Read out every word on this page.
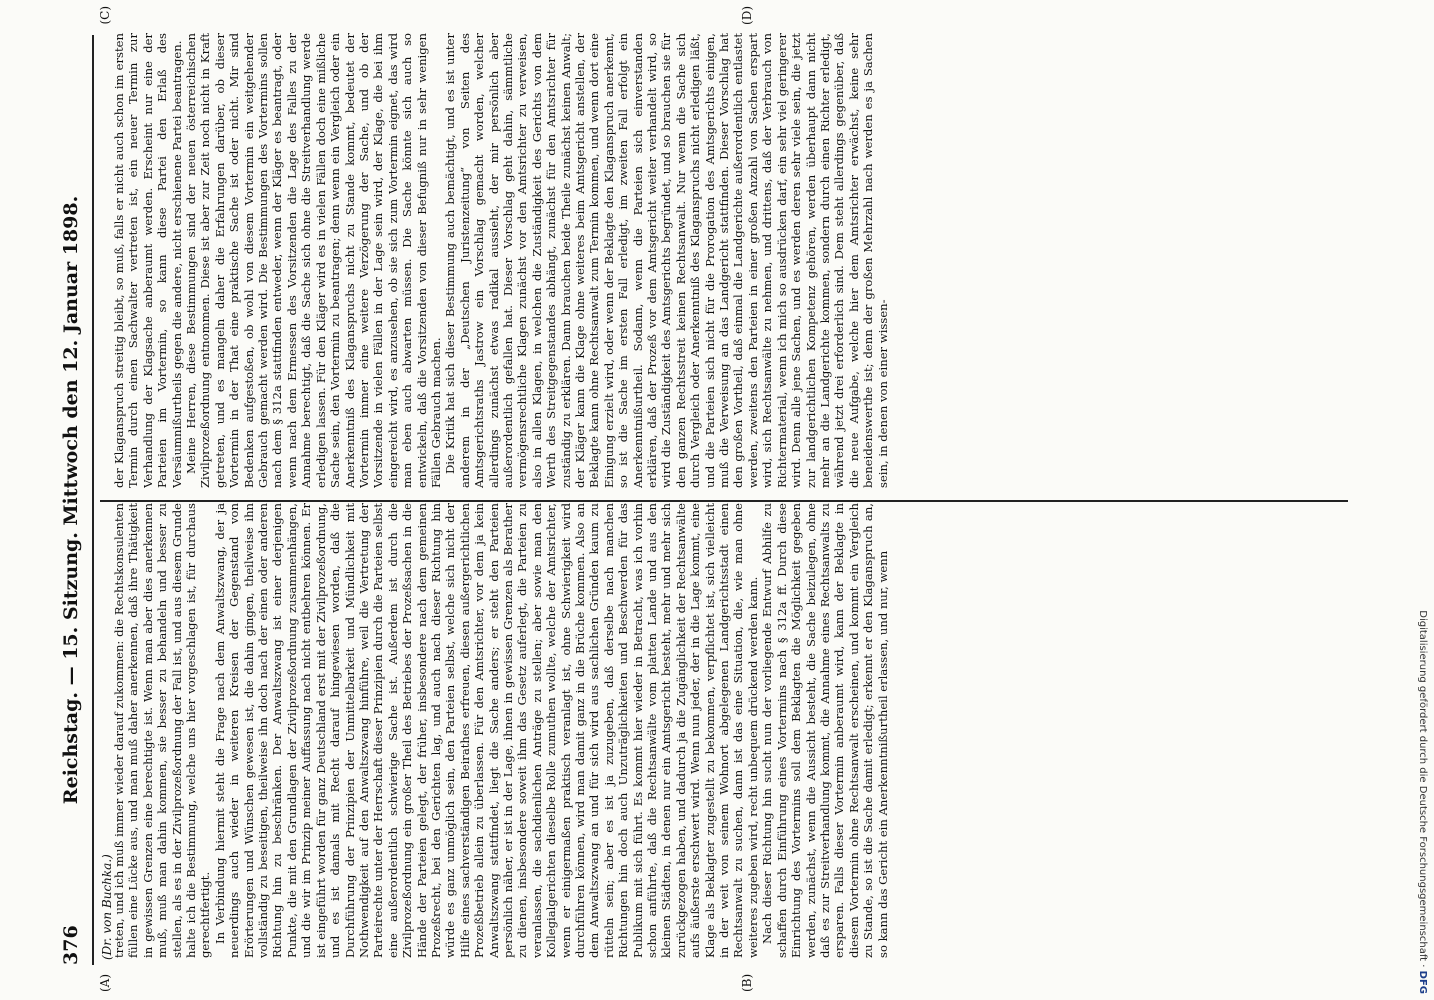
376
Reichstag. — 15. Sitzung. Mittwoch den 12. Januar 1898.
(Dr. von Buchka.)
(A)	(B)
(C)	(D)

treten, und ich muß immer wieder darauf zukommen: die Rechtskonsulenten füllen eine Lücke aus, und man muß daher anerkennen, daß ihre Thätigkeit in gewissen Grenzen eine berechtigte ist. Wenn man aber dies anerkennen muß, muß man dahin kommen, sie besser zu behandeln und besser zu stellen, als es in der Zivilprozeßordnung der Fall ist, und aus diesem Grunde halte ich die Bestimmung, welche uns hier vorgeschlagen ist, für durchaus gerechtfertigt. In Verbindung hiermit steht die Frage nach dem Anwaltszwang, der ja neuerdings auch wieder in weiteren Kreisen der Gegenstand von Erörterungen und Wünschen gewesen ist, die dahin gingen, theilweise ihn vollständig zu beseitigen, theilweise ihn doch nach der einen oder anderen Richtung hin zu beschränken. Der Anwaltszwang ist einer derjenigen Punkte, die mit den Grundlagen der Zivilprozeßordnung zusammenhängen, und die wir im Prinzip meiner Auffassung nach nicht entbehren können. Er ist eingeführt worden für ganz Deutschland erst mit der Zivilprozeßordnung, und es ist damals mit Recht darauf hingewiesen worden, daß die Durchführung der Prinzipien der Unmittelbarkeit und Mündlichkeit mit Nothwendigkeit auf den Anwaltszwang hinführe, weil die Vertretung der Parteirechte unter der Herrschaft dieser Prinzipien durch die Parteien selbst eine außerordentlich schwierige Sache ist. Außerdem ist durch die Zivilprozeßordnung ein großer Theil des Betriebes der Prozeßsachen in die Hände der Parteien gelegt, der früher, insbesondere nach dem gemeinen Prozeßrecht, bei den Gerichten lag, und auch nach dieser Richtung hin würde es ganz unmöglich sein, den Parteien selbst, welche sich nicht der Hilfe eines sachverständigen Beirathes erfreuen, diesen außergerichtlichen Prozeßbetrieb allein zu überlassen. Für den Amtsrichter, vor dem ja kein Anwaltszwang stattfindet, liegt die Sache anders; er steht den Parteien persönlich näher, er ist in der Lage, ihnen in gewissen Grenzen als Berather zu dienen, insbesondere soweit ihm das Gesetz auferlegt, die Parteien zu veranlassen, die sachdienlichen Anträge zu stellen; aber sowie man den Kollegialgerichten dieselbe Rolle zumuthen wollte, welche der Amtsrichter, wenn er einigermaßen praktisch veranlagt ist, ohne Schwierigkeit wird durchführen können, wird man damit ganz in die Brüche kommen. Also an dem Anwaltszwang an und für sich wird aus sachlichen Gründen kaum zu rütteln sein; aber es ist ja zuzugeben, daß derselbe nach manchen Richtungen hin doch auch Unzuträglichkeiten und Beschwerden für das Publikum mit sich führt. Es kommt hier wieder in Betracht, was ich vorhin schon anführte, daß die Rechtsanwälte vom platten Lande und aus den kleinen Städten, in denen nur ein Amtsgericht besteht, mehr und mehr sich zurückgezogen haben, und dadurch ja die Zugänglichkeit der Rechtsanwälte aufs äußerste erschwert wird. Wenn nun jeder, der in die Lage kommt, eine Klage als Beklagter zugestellt zu bekommen, verpflichtet ist, sich vielleicht in der weit von seinem Wohnort abgelegenen Landgerichtsstadt einen Rechtsanwalt zu suchen, dann ist das eine Situation, die, wie man ohne weiteres zugeben wird, recht unbequem drückend werden kann. Nach dieser Richtung hin sucht nun der vorliegende Entwurf Abhilfe zu schaffen durch Einführung eines Vortermins nach § 312a ff. Durch diese Einrichtung des Vortermins soll dem Beklagten die Möglichkeit gegeben werden, zunächst, wenn die Aussicht besteht, die Sache beizulegen, ohne daß es zur Streitverhandlung kommt, die Annahme eines Rechtsanwalts zu ersparen. Falls dieser Vortermin anberaumt wird, kann der Beklagte in diesem Vortermin ohne Rechtsanwalt erscheinen, und kommt ein Vergleich zu Stande, so ist die Sache damit erledigt; erkennt er den Klaganspruch an, so kann das Gericht ein Anerkenntnißurtheil erlassen, und nur, wenn

der Klaganspruch streitig bleibt, so muß, falls er nicht auch schon im ersten Termin durch einen Sachwalter vertreten ist, ein neuer Termin zur Verhandlung der Klagsache anberaumt werden. Erscheint nur eine der Parteien im Vortermin, so kann diese Partei den Erlaß des Versäumnißurtheils gegen die andere, nicht erschienene Partei beantragen. Meine Herren, diese Bestimmungen sind der neuen österreichischen Zivilprozeßordnung entnommen. Diese ist aber zur Zeit noch nicht in Kraft getreten, und es mangeln daher die Erfahrungen darüber, ob dieser Vortermin in der That eine praktische Sache ist oder nicht. Mir sind Bedenken aufgestoßen, ob wohl von diesem Vortermin ein weitgehender Gebrauch gemacht werden wird. Die Bestimmungen des Vortermins sollen nach dem § 312a stattfinden entweder, wenn der Kläger es beantragt, oder wenn nach dem Ermessen des Vorsitzenden die Lage des Falles zu der Annahme berechtigt, daß die Sache sich ohne die Streitverhandlung werde erledigen lassen. Für den Kläger wird es in vielen Fällen doch eine mißliche Sache sein, den Vortermin zu beantragen; denn wenn ein Vergleich oder ein Anerkenntniß des Klaganspruchs nicht zu Stande kommt, bedeutet der Vortermin immer eine weitere Verzögerung der Sache, und ob der Vorsitzende in vielen Fällen in der Lage sein wird, der Klage, die bei ihm eingereicht wird, es anzusehen, ob sie sich zum Vortermin eignet, das wird man eben auch abwarten müssen. Die Sache könnte sich auch so entwickeln, daß die Vorsitzenden von dieser Befugniß nur in sehr wenigen Fällen Gebrauch machen. Die Kritik hat sich dieser Bestimmung auch bemächtigt, und es ist unter anderem in der „Deutschen Juristenzeitung“ von Seiten des Amtsgerichtsraths Jastrow ein Vorschlag gemacht worden, welcher allerdings zunächst etwas radikal aussieht, der mir persönlich aber außerordentlich gefallen hat. Dieser Vorschlag geht dahin, sämmtliche vermögensrechtliche Klagen zunächst vor den Amtsrichter zu verweisen, also in allen Klagen, in welchen die Zuständigkeit des Gerichts von dem Werth des Streitgegenstandes abhängt, zunächst für den Amtsrichter für zuständig zu erklären. Dann brauchen beide Theile zunächst keinen Anwalt; der Kläger kann die Klage ohne weiteres beim Amtsgericht anstellen, der Beklagte kann ohne Rechtsanwalt zum Termin kommen, und wenn dort eine Einigung erzielt wird, oder wenn der Beklagte den Klaganspruch anerkennt, so ist die Sache im ersten Fall erledigt, im zweiten Fall erfolgt ein Anerkenntnißurtheil. Sodann, wenn die Parteien sich einverstanden erklären, daß der Prozeß vor dem Amtsgericht weiter verhandelt wird, so wird die Zuständigkeit des Amtsgerichts begründet, und so brauchen sie für den ganzen Rechtsstreit keinen Rechtsanwalt. Nur wenn die Sache sich durch Vergleich oder Anerkenntniß des Klaganspruchs nicht erledigen läßt, und die Parteien sich nicht für die Prorogation des Amtsgerichts einigen, muß die Verweisung an das Landgericht stattfinden. Dieser Vorschlag hat den großen Vortheil, daß einmal die Landgerichte außerordentlich entlastet werden, zweitens den Parteien in einer großen Anzahl von Sachen erspart wird, sich Rechtsanwälte zu nehmen, und drittens, daß der Verbrauch von Richtermaterial, wenn ich mich so ausdrücken darf, ein sehr viel geringerer wird. Denn alle jene Sachen, und es werden deren sehr viele sein, die jetzt zur landgerichtlichen Kompetenz gehören, werden überhaupt dann nicht mehr an die Landgerichte kommen, sondern durch einen Richter erledigt, während jetzt drei erforderlich sind. Dem steht allerdings gegenüber, daß die neue Aufgabe, welche hier dem Amtsrichter erwächst, keine sehr beneidenswerthe ist; denn der großen Mehrzahl nach werden es ja Sachen sein, in denen von einer wissen-

Digitalisierung gefördert durch die Deutsche Forschungsgemeinschaft · DFG
